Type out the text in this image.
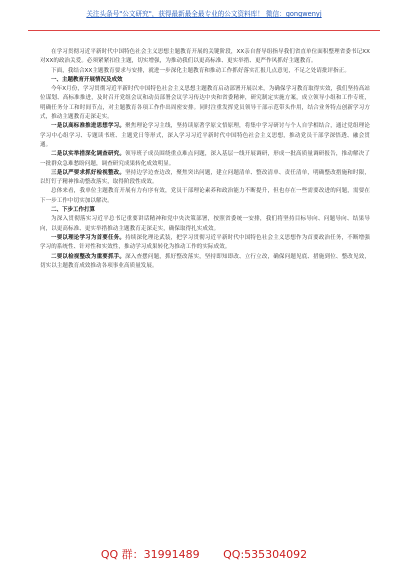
关注头条号"公文研究"，获得最新最全最专业的公文资料库！ 微信：gongwenyj

在学习贯彻习近平新时代中国特色社会主义思想主题教育开展的关键阶段，XX亲自督导组指导我们省直单位面积整理省委书记XX对XX的政治关爱。必须紧紧扣住主题，切实增强，为推动我们以更高标准、更实举措、更严作风抓好主题教育。

下面，我结合XX主题教育要求与安排，就进一步深化主题教育和推动工作抓好落实汇报几点意见，不足之处请批评指正。

一、主题教育开展情况及成效

今年X月份，学习贯彻习近平新时代中国特色社会主义思想主题教育启动部署开展以来，为确保学习教育取得实效，我们坚持高站位谋划、高标准推进，及时召开党组会议和动员部署会议学习传达中央和省委精神，研究制定实施方案，成立领导小组和工作专班，明确任务分工和时间节点，对主题教育各项工作作出周密安排。同时注重发挥党员领导干部示范带头作用，结合业务特点创新学习方式，推动主题教育走深走实。

一是以高标准推进思想学习。聚焦理论学习主线，坚持读原著学原文悟原理，将集中学习研讨与个人自学相结合，通过党组理论学习中心组学习、专题读书班、主题党日等形式，深入学习习近平新时代中国特色社会主义思想，推动党员干部学深悟透、融会贯通。

二是以实举措深化调查研究。领导班子成员围绕重点难点问题，深入基层一线开展调研，形成一批高质量调研报告，推动解决了一批群众急难愁盼问题，调查研究成果转化成效明显。

三是以严要求抓好检视整改。坚持边学边查边改，聚焦突出问题，建立问题清单、整改清单、责任清单，明确整改措施和时限，以钉钉子精神推动整改落实，取得阶段性成效。

总体来看，我单位主题教育开展有力有序有效，党员干部理论素养和政治能力不断提升，但也存在一些需要改进的问题，需要在下一步工作中切实加以解决。

二、下步工作打算

为深入贯彻落实习近平总书记重要讲话精神和党中央决策部署，按照省委统一安排，我们将坚持目标导向、问题导向、结果导向，以更高标准、更实举措推动主题教育走深走实，确保取得扎实成效。

一要以理论学习为首要任务。持续深化理论武装，把学习贯彻习近平新时代中国特色社会主义思想作为首要政治任务，不断增强学习的系统性、针对性和实效性，推动学习成果转化为推动工作的实际成效。

二要以检视整改为重要抓手。深入查摆问题，抓好整改落实，坚持即知即改、立行立改，确保问题见底、措施到位、整改见效，切实以主题教育成效推动各项事业高质量发展。

QQ 群：31991489 QQ:535304092
